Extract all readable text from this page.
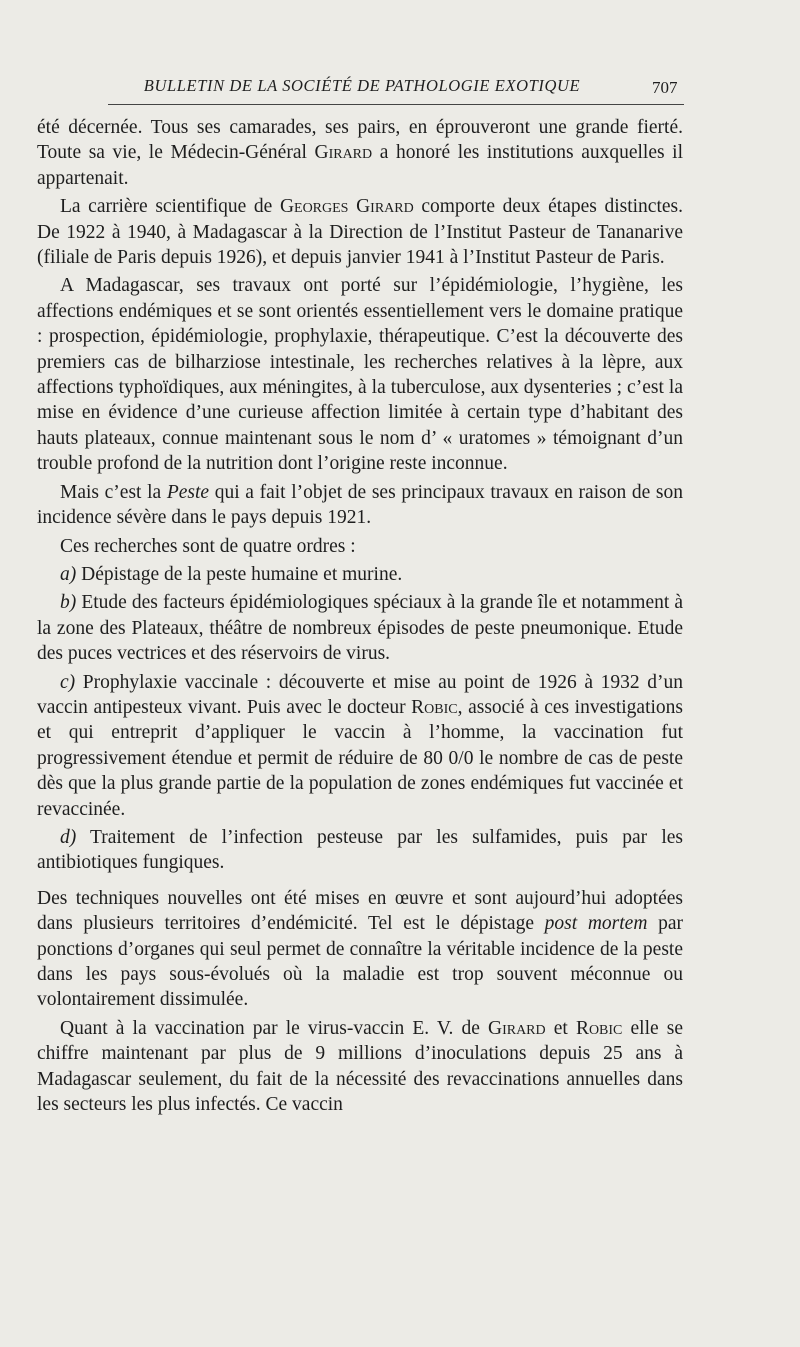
BULLETIN DE LA SOCIÉTÉ DE PATHOLOGIE EXOTIQUE	707

été décernée. Tous ses camarades, ses pairs, en éprouveront une grande fierté. Toute sa vie, le Médecin-Général Girard a honoré les institutions auxquelles il appartenait.

La carrière scientifique de Georges Girard comporte deux étapes distinctes. De 1922 à 1940, à Madagascar à la Direction de l’Institut Pasteur de Tananarive (filiale de Paris depuis 1926), et depuis janvier 1941 à l’Institut Pasteur de Paris.

A Madagascar, ses travaux ont porté sur l’épidémiologie, l’hygiène, les affections endémiques et se sont orientés essentiellement vers le domaine pratique : prospection, épidémiologie, prophylaxie, thérapeutique. C’est la découverte des premiers cas de bilharziose intestinale, les recherches relatives à la lèpre, aux affections typhoïdiques, aux méningites, à la tuberculose, aux dysenteries ; c’est la mise en évidence d’une curieuse affection limitée à certain type d’habitant des hauts plateaux, connue maintenant sous le nom d’ « uratomes » témoignant d’un trouble profond de la nutrition dont l’origine reste inconnue.

Mais c’est la Peste qui a fait l’objet de ses principaux travaux en raison de son incidence sévère dans le pays depuis 1921.

Ces recherches sont de quatre ordres :

a) Dépistage de la peste humaine et murine.

b) Etude des facteurs épidémiologiques spéciaux à la grande île et notamment à la zone des Plateaux, théâtre de nombreux épisodes de peste pneumonique. Etude des puces vectrices et des réservoirs de virus.

c) Prophylaxie vaccinale : découverte et mise au point de 1926 à 1932 d’un vaccin antipesteux vivant. Puis avec le docteur Robic, associé à ces investigations et qui entreprit d’appliquer le vaccin à l’homme, la vaccination fut progressivement étendue et permit de réduire de 80 0/0 le nombre de cas de peste dès que la plus grande partie de la population de zones endémiques fut vaccinée et revaccinée.

d) Traitement de l’infection pesteuse par les sulfamides, puis par les antibiotiques fungiques.

Des techniques nouvelles ont été mises en œuvre et sont aujourd’hui adoptées dans plusieurs territoires d’endémicité. Tel est le dépistage post mortem par ponctions d’organes qui seul permet de connaître la véritable incidence de la peste dans les pays sous-évolués où la maladie est trop souvent méconnue ou volontairement dissimulée.

Quant à la vaccination par le virus-vaccin E. V. de Girard et Robic elle se chiffre maintenant par plus de 9 millions d’inoculations depuis 25 ans à Madagascar seulement, du fait de la nécessité des revaccinations annuelles dans les secteurs les plus infectés. Ce vaccin
